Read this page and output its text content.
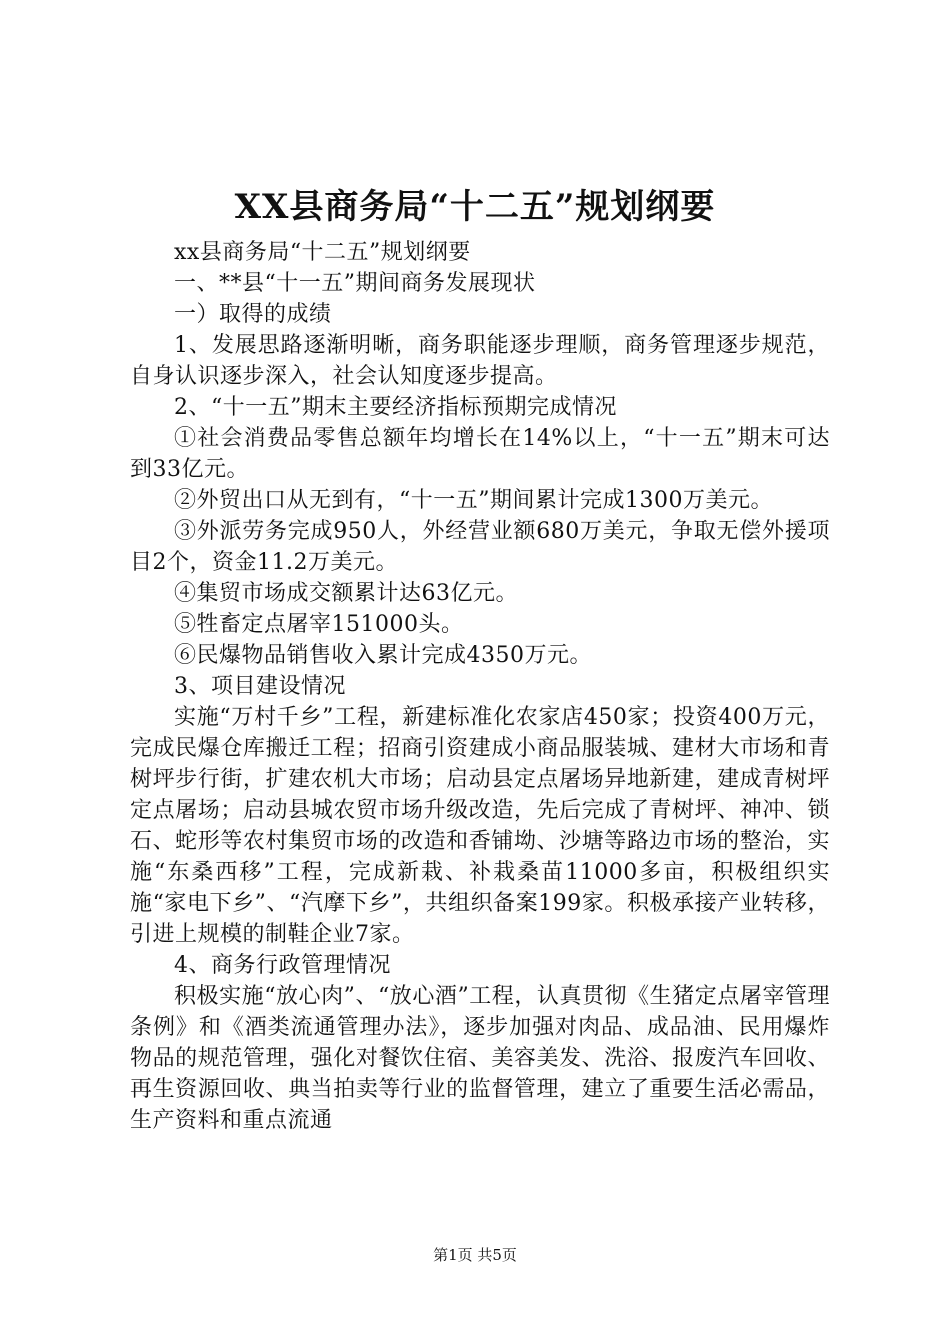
XX县商务局“十二五”规划纲要

xx县商务局“十二五”规划纲要

一、**县“十一五”期间商务发展现状

一）取得的成绩

1、发展思路逐渐明晰，商务职能逐步理顺，商务管理逐步规范，自身认识逐步深入，社会认知度逐步提高。

2、“十一五”期末主要经济指标预期完成情况

①社会消费品零售总额年均增长在14%以上，“十一五”期末可达到33亿元。

②外贸出口从无到有，“十一五”期间累计完成1300万美元。

③外派劳务完成950人，外经营业额680万美元，争取无偿外援项目2个，资金11.2万美元。

④集贸市场成交额累计达63亿元。

⑤牲畜定点屠宰151000头。

⑥民爆物品销售收入累计完成4350万元。

3、项目建设情况

实施“万村千乡”工程，新建标准化农家店450家；投资400万元，完成民爆仓库搬迁工程；招商引资建成小商品服装城、建材大市场和青树坪步行街，扩建农机大市场；启动县定点屠场异地新建，建成青树坪定点屠场；启动县城农贸市场升级改造，先后完成了青树坪、神冲、锁石、蛇形等农村集贸市场的改造和香铺坳、沙塘等路边市场的整治，实施“东桑西移”工程，完成新栽、补栽桑苗11000多亩，积极组织实施“家电下乡”、“汽摩下乡”，共组织备案199家。积极承接产业转移，引进上规模的制鞋企业7家。

4、商务行政管理情况

积极实施“放心肉”、“放心酒”工程，认真贯彻《生猪定点屠宰管理条例》和《酒类流通管理办法》，逐步加强对肉品、成品油、民用爆炸物品的规范管理，强化对餐饮住宿、美容美发、洗浴、报废汽车回收、再生资源回收、典当拍卖等行业的监督管理，建立了重要生活必需品，生产资料和重点流通

第1页 共5页
